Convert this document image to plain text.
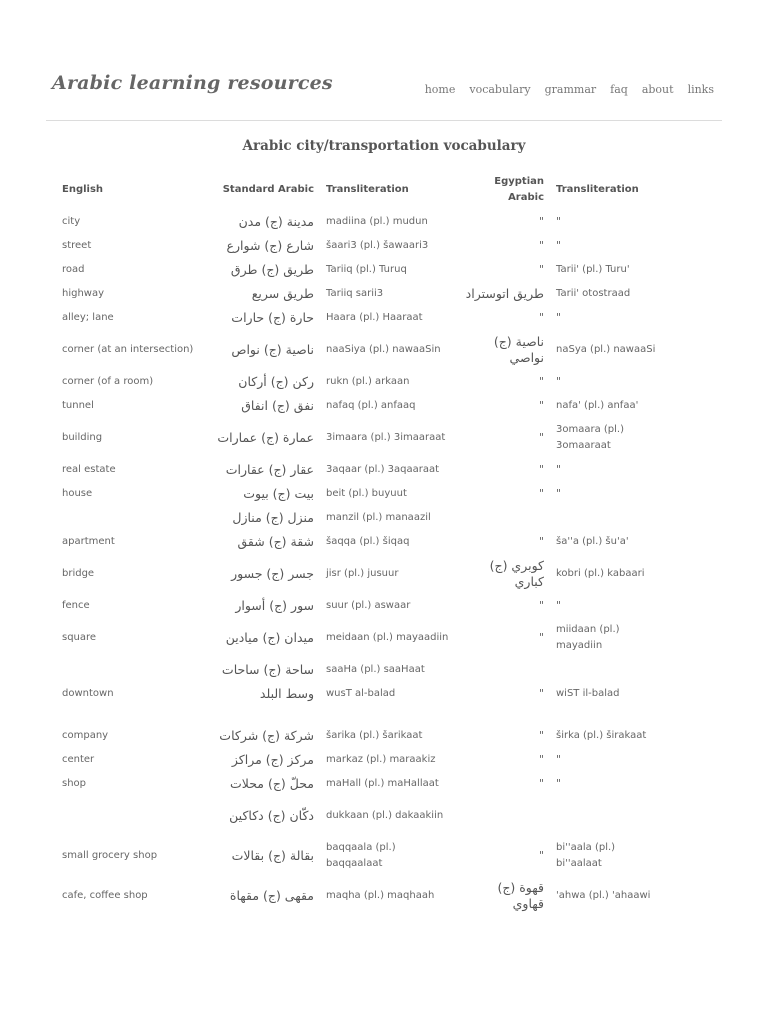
Arabic learning resources	home vocabulary grammar faq about links
Arabic city/transportation vocabulary
English	Standard Arabic	Transliteration	Egyptian Arabic	Transliteration
city	مدينة (ج) مدن	madiina (pl.) mudun	"	"
street	شارع (ج) شوارع	šaari3 (pl.) šawaari3	"	"
road	طريق (ج) طرق	Tariiq (pl.) Turuq	"	Tarii' (pl.) Turu'
highway	طريق سريع	Tariiq sarii3	طريق اتوستراد	Tarii' otostraad
alley; lane	حارة (ج) حارات	Haara (pl.) Haaraat	"	"
corner (at an intersection)	ناصية (ج) نواص	naaSiya (pl.) nawaaSin	ناصية (ج) نواصي	naSya (pl.) nawaaSi
corner (of a room)	ركن (ج) أركان	rukn (pl.) arkaan	"	"
tunnel	نفق (ج) انفاق	nafaq (pl.) anfaaq	"	nafa' (pl.) anfaa'
building	عمارة (ج) عمارات	3imaara (pl.) 3imaaraat	"	3omaara (pl.) 3omaaraat
real estate	عقار (ج) عقارات	3aqaar (pl.) 3aqaaraat	"	"
house	بيت (ج) بيوت	beit (pl.) buyuut	"	"
	منزل (ج) منازل	manzil (pl.) manaazil		
apartment	شقة (ج) شقق	šaqqa (pl.) šiqaq	"	ša''a (pl.) šu'a'
bridge	جسر (ج) جسور	jisr (pl.) jusuur	كوبري (ج) كباري	kobri (pl.) kabaari
fence	سور (ج) أسوار	suur (pl.) aswaar	"	"
square	ميدان (ج) ميادين	meidaan (pl.) mayaadiin	"	miidaan (pl.) mayadiin
	ساحة (ج) ساحات	saaHa (pl.) saaHaat		
downtown	وسط البلد	wusT al-balad	"	wiST il-balad

company	شركة (ج) شركات	šarika (pl.) šarikaat	"	širka (pl.) širakaat
center	مركز (ج) مراكز	markaz (pl.) maraakiz	"	"
shop	محلّ (ج) محلات	maHall (pl.) maHallaat	"	"
	دكّان (ج) دكاكين	dukkaan (pl.) dakaakiin		
small grocery shop	بقالة (ج) بقالات	baqqaala (pl.) baqqaalaat	"	bi''aala (pl.) bi''aalaat
cafe, coffee shop	مقهى (ج) مقهاة	maqha (pl.) maqhaah	قهوة (ج) قهاوي	'ahwa (pl.) 'ahaawi
